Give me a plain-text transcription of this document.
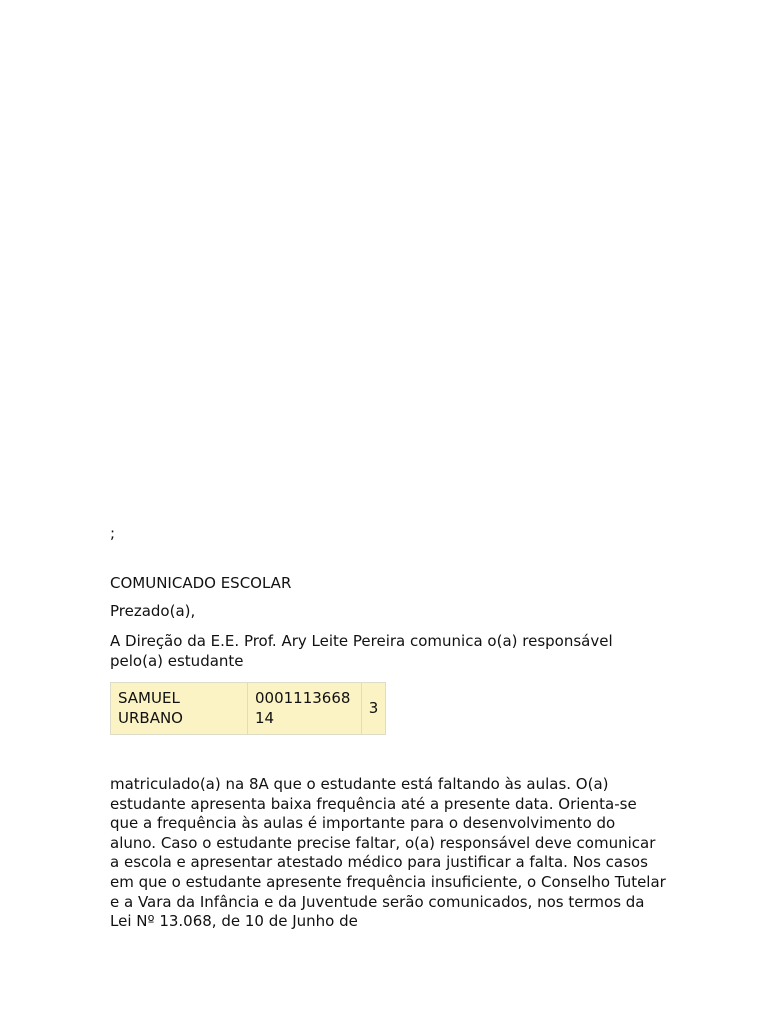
;
COMUNICADO ESCOLAR
Prezado(a),
A Direção da E.E. Prof. Ary Leite Pereira comunica o(a) responsável pelo(a) estudante
SAMUEL URBANO	000111366814	3
matriculado(a) na 8A que o estudante está faltando às aulas. O(a) estudante apresenta baixa frequência até a presente data. Orienta-se que a frequência às aulas é importante para o desenvolvimento do aluno. Caso o estudante precise faltar, o(a) responsável deve comunicar a escola e apresentar atestado médico para justificar a falta. Nos casos em que o estudante apresente frequência insuficiente, o Conselho Tutelar e a Vara da Infância e da Juventude serão comunicados, nos termos da Lei Nº 13.068, de 10 de Junho de
